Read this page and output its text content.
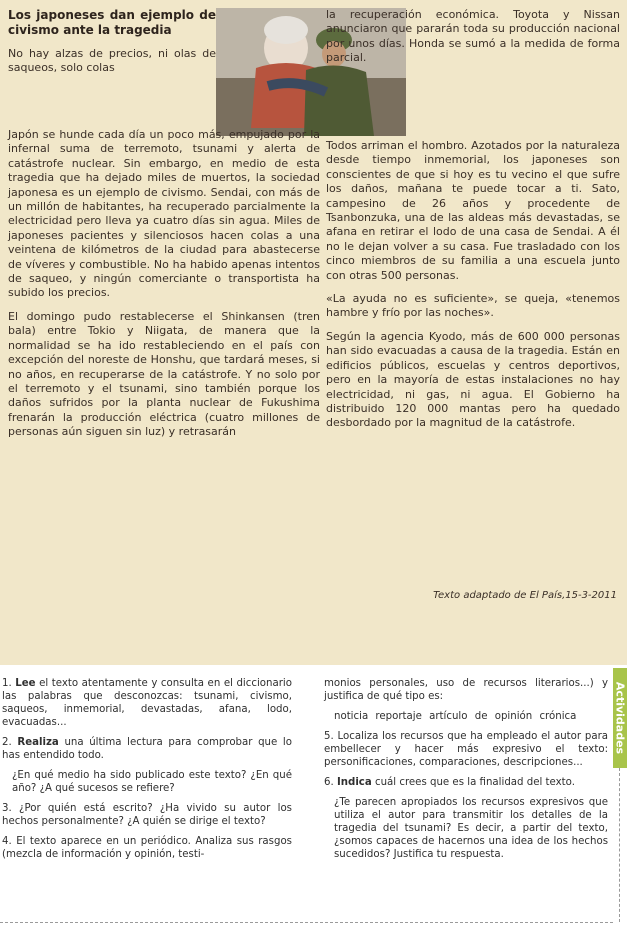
Los japoneses dan ejemplo de civismo ante la tragedia

No hay alzas de precios, ni olas de saqueos, solo colas

Japón se hunde cada día un poco más, empujado por la infernal suma de terremoto, tsunami y alerta de catástrofe nuclear. Sin embargo, en medio de esta tragedia que ha dejado miles de muertos, la sociedad japonesa es un ejemplo de civismo. Sendai, con más de un millón de habitantes, ha recuperado parcialmente la electricidad pero lleva ya cuatro días sin agua. Miles de japoneses pacientes y silenciosos hacen colas a una veintena de kilómetros de la ciudad para abastecerse de víveres y combustible. No ha habido apenas intentos de saqueo, y ningún comerciante o transportista ha subido los precios.

El domingo pudo restablecerse el Shinkansen (tren bala) entre Tokio y Niigata, de manera que la normalidad se ha ido restableciendo en el país con excepción del noreste de Honshu, que tardará meses, si no años, en recuperarse de la catástrofe. Y no solo por el terremoto y el tsunami, sino también porque los daños sufridos por la planta nuclear de Fukushima frenarán la producción eléctrica (cuatro millones de personas aún siguen sin luz) y retrasarán

la recuperación económica. Toyota y Nissan anunciaron que pararán toda su producción nacional por unos días. Honda se sumó a la medida de forma parcial.

Todos arriman el hombro. Azotados por la naturaleza desde tiempo inmemorial, los japoneses son conscientes de que si hoy es tu vecino el que sufre los daños, mañana te puede tocar a ti. Sato, campesino de 26 años y procedente de Tsanbonzuka, una de las aldeas más devastadas, se afana en retirar el lodo de una casa de Sendai. A él no le dejan volver a su casa. Fue trasladado con los cinco miembros de su familia a una escuela junto con otras 500 personas.

«La ayuda no es suficiente», se queja, «tenemos hambre y frío por las noches».

Según la agencia Kyodo, más de 600 000 personas han sido evacuadas a causa de la tragedia. Están en edificios públicos, escuelas y centros deportivos, pero en la mayoría de estas instalaciones no hay electricidad, ni gas, ni agua. El Gobierno ha distribuido 120 000 mantas pero ha quedado desbordado por la magnitud de la catástrofe.

Texto adaptado de El País,15-3-2011

1. Lee el texto atentamente y consulta en el diccionario las palabras que desconozcas: tsunami, civismo, saqueos, inmemorial, devastadas, afana, lodo, evacuadas...

2. Realiza una última lectura para comprobar que lo has entendido todo.

¿En qué medio ha sido publicado este texto? ¿En qué año? ¿A qué sucesos se refiere?

3. ¿Por quién está escrito? ¿Ha vivido su autor los hechos personalmente? ¿A quién se dirige el texto?

4. El texto aparece en un periódico. Analiza sus rasgos (mezcla de información y opinión, testi-

monios personales, uso de recursos literarios...) y justifica de qué tipo es:

noticia reportaje artículo de opinión crónica

5. Localiza los recursos que ha empleado el autor para embellecer y hacer más expresivo el texto: personificaciones, comparaciones, descripciones...

6. Indica cuál crees que es la finalidad del texto.

¿Te parecen apropiados los recursos expresivos que utiliza el autor para transmitir los detalles de la tragedia del tsunami? Es decir, a partir del texto, ¿somos capaces de hacernos una idea de los hechos sucedidos? Justifica tu respuesta.

Actividades
